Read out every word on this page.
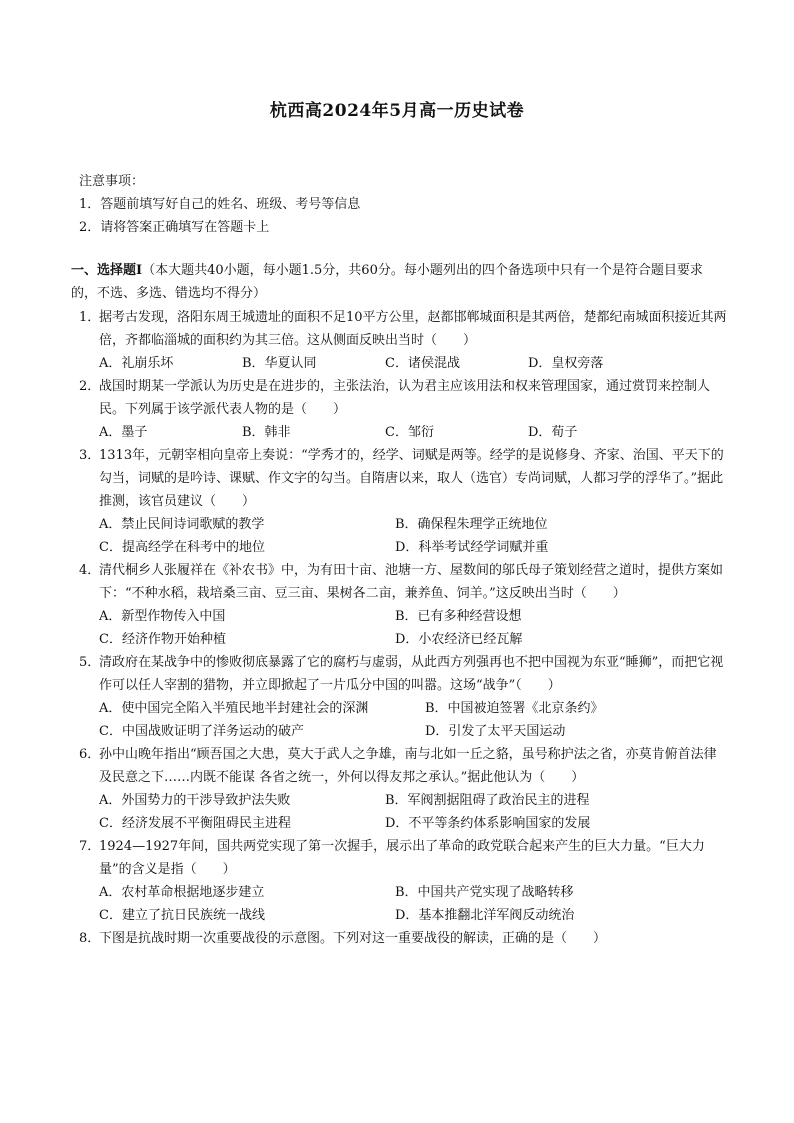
杭西高2024年5月高一历史试卷
注意事项：
1．答题前填写好自己的姓名、班级、考号等信息
2．请将答案正确填写在答题卡上
一、选择题Ⅰ（本大题共40小题，每小题1.5分，共60分。每小题列出的四个备选项中只有一个是符合题目要求的，不选、多选、错选均不得分）
1．
据考古发现，洛阳东周王城遗址的面积不足10平方公里，赵都邯郸城面积是其两倍，楚都纪南城面积接近其两倍，齐都临淄城的面积约为其三倍。这从侧面反映出当时（　　）
A．礼崩乐坏	B．华夏认同	C．诸侯混战	D．皇权旁落
2．
战国时期某一学派认为历史是在进步的，主张法治，认为君主应该用法和权来管理国家，通过赏罚来控制人民。下列属于该学派代表人物的是（　　）
A．墨子	B．韩非	C．邹衍	D．荀子
3．
1313年，元朝宰相向皇帝上奏说：“学秀才的，经学、词赋是两等。经学的是说修身、齐家、治国、平天下的勾当，词赋的是吟诗、课赋、作文字的勾当。自隋唐以来，取人（选官）专尚词赋，人都习学的浮华了。”据此推测，该官员建议（　　）
A．禁止民间诗词歌赋的教学	B．确保程朱理学正统地位
C．提高经学在科考中的地位	D．科举考试经学词赋并重
4．
清代桐乡人张履祥在《补农书》中，为有田十亩、池塘一方、屋数间的邬氏母子策划经营之道时，提供方案如下：“不种水稻，栽培桑三亩、豆三亩、果树各二亩，兼养鱼、饲羊。”这反映出当时（　　）
A．新型作物传入中国	B．已有多种经营设想
C．经济作物开始种植	D．小农经济已经瓦解
5．
清政府在某战争中的惨败彻底暴露了它的腐朽与虚弱，从此西方列强再也不把中国视为东亚“睡狮”，而把它视作可以任人宰割的猎物，并立即掀起了一片瓜分中国的叫嚣。这场“战争”（　　）
A．使中国完全陷入半殖民地半封建社会的深渊	B．中国被迫签署《北京条约》
C．中国战败证明了洋务运动的破产	D．引发了太平天国运动
6．
孙中山晚年指出“顾吾国之大患，莫大于武人之争雄，南与北如一丘之貉，虽号称护法之省，亦莫肯俯首法律及民意之下……内既不能谋 各省之统一，外何以得友邦之承认。”据此他认为（　　）
A．外国势力的干涉导致护法失败	B．军阀割据阻碍了政治民主的进程
C．经济发展不平衡阻碍民主进程	D．不平等条约体系影响国家的发展
7．
1924—1927年间，国共两党实现了第一次握手，展示出了革命的政党联合起来产生的巨大力量。“巨大力量”的含义是指（　　）
A．农村革命根据地逐步建立	B．中国共产党实现了战略转移
C．建立了抗日民族统一战线	D．基本推翻北洋军阀反动统治
8．
下图是抗战时期一次重要战役的示意图。下列对这一重要战役的解读，正确的是（　　）
